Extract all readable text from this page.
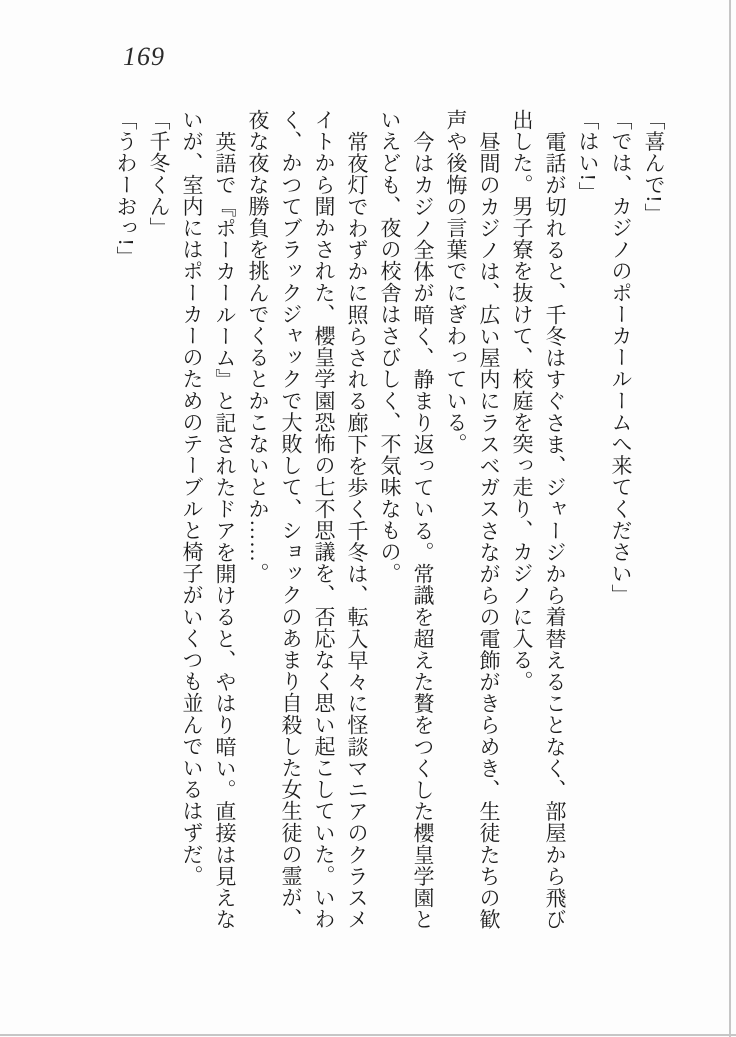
169
「喜んで!」
「では、カジノのポーカールームへ来てください」
「はい!」
電話が切れると、千冬はすぐさま、ジャージから着替えることなく、部屋から飛び
出した。男子寮を抜けて、校庭を突っ走り、カジノに入る。
昼間のカジノは、広い屋内にラスベガスさながらの電飾がきらめき、生徒たちの歓
声や後悔の言葉でにぎわっている。
今はカジノ全体が暗く、静まり返っている。常識を超えた贅をつくした櫻皇学園と
いえども、夜の校舎はさびしく、不気味なもの。
常夜灯でわずかに照らされる廊下を歩く千冬は、転入早々に怪談マニアのクラスメ
イトから聞かされた、櫻皇学園恐怖の七不思議を、否応なく思い起こしていた。いわ
く、かつてブラックジャックで大敗して、ショックのあまり自殺した女生徒の霊が、
夜な夜な勝負を挑んでくるとかこないとか……。
英語で『ポーカールーム』と記されたドアを開けると、やはり暗い。直接は見えな
いが、室内にはポーカーのためのテーブルと椅子がいくつも並んでいるはずだ。
「千冬くん」
「うわーおっ!」
